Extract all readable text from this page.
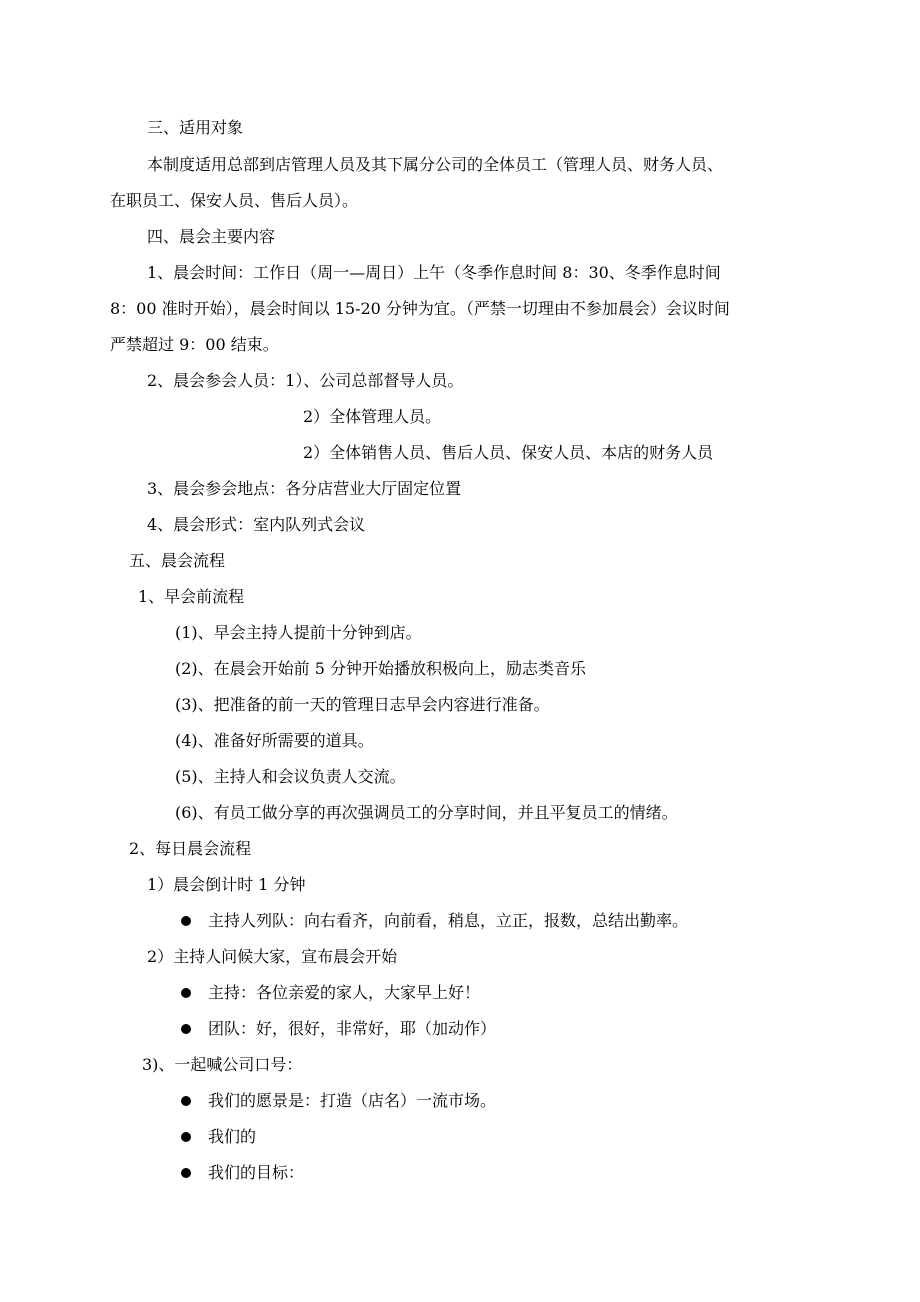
三、适用对象
本制度适用总部到店管理人员及其下属分公司的全体员工（管理人员、财务人员、
在职员工、保安人员、售后人员）。
四、晨会主要内容
1、晨会时间：工作日（周一—周日）上午（冬季作息时间 8：30、冬季作息时间
8：00 准时开始），晨会时间以 15-20 分钟为宜。（严禁一切理由不参加晨会）会议时间
严禁超过 9：00 结束。
2、晨会参会人员：1）、公司总部督导人员。
2）全体管理人员。
2）全体销售人员、售后人员、保安人员、本店的财务人员
3、晨会参会地点：各分店营业大厅固定位置
4、晨会形式：室内队列式会议
五、晨会流程
1、早会前流程
(1)、早会主持人提前十分钟到店。
(2)、在晨会开始前 5 分钟开始播放积极向上，励志类音乐
(3)、把准备的前一天的管理日志早会内容进行准备。
(4)、准备好所需要的道具。
(5)、主持人和会议负责人交流。
(6)、有员工做分享的再次强调员工的分享时间，并且平复员工的情绪。
2、每日晨会流程
1）晨会倒计时 1 分钟
主持人列队：向右看齐，向前看，稍息，立正，报数，总结出勤率。
2）主持人问候大家，宣布晨会开始
主持：各位亲爱的家人，大家早上好！
团队：好，很好，非常好，耶（加动作）
3)、一起喊公司口号：
我们的愿景是：打造（店名）一流市场。
我们的
我们的目标：
